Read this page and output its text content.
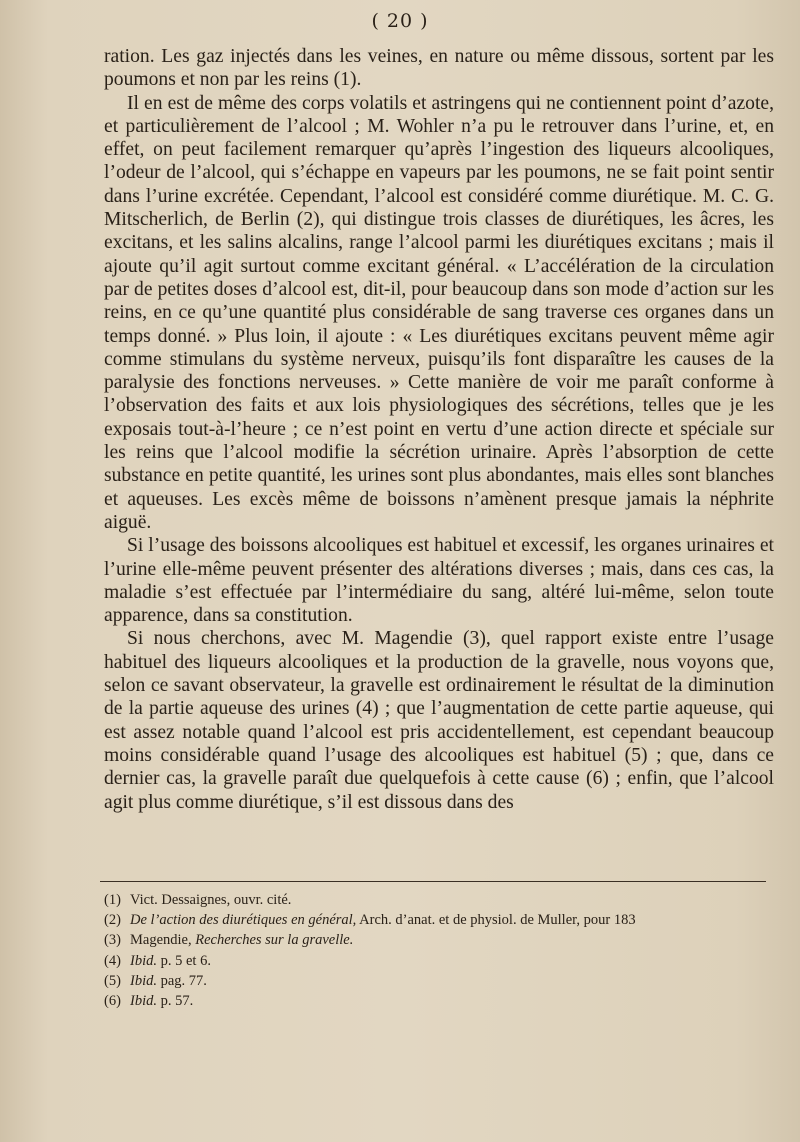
( 20 )

ration. Les gaz injectés dans les veines, en nature ou même dissous, sortent par les poumons et non par les reins (1).

Il en est de même des corps volatils et astringens qui ne contiennent point d’azote, et particulièrement de l’alcool ; M. Wohler n’a pu le retrouver dans l’urine, et, en effet, on peut facilement remarquer qu’après l’ingestion des liqueurs alcooliques, l’odeur de l’alcool, qui s’échappe en vapeurs par les poumons, ne se fait point sentir dans l’urine excrétée. Cependant, l’alcool est considéré comme diurétique. M. C. G. Mitscherlich, de Berlin (2), qui distingue trois classes de diurétiques, les âcres, les excitans, et les salins alcalins, range l’alcool parmi les diurétiques excitans ; mais il ajoute qu’il agit surtout comme excitant général. « L’accélération de la circulation par de petites doses d’alcool est, dit-il, pour beaucoup dans son mode d’action sur les reins, en ce qu’une quantité plus considérable de sang traverse ces organes dans un temps donné. » Plus loin, il ajoute : « Les diurétiques excitans peuvent même agir comme stimulans du système nerveux, puisqu’ils font disparaître les causes de la paralysie des fonctions nerveuses. » Cette manière de voir me paraît conforme à l’observation des faits et aux lois physiologiques des sécrétions, telles que je les exposais tout-à-l’heure ; ce n’est point en vertu d’une action directe et spéciale sur les reins que l’alcool modifie la sécrétion urinaire. Après l’absorption de cette substance en petite quantité, les urines sont plus abondantes, mais elles sont blanches et aqueuses. Les excès même de boissons n’amènent presque jamais la néphrite aiguë.

Si l’usage des boissons alcooliques est habituel et excessif, les organes urinaires et l’urine elle-même peuvent présenter des altérations diverses ; mais, dans ces cas, la maladie s’est effectuée par l’intermédiaire du sang, altéré lui-même, selon toute apparence, dans sa constitution.

Si nous cherchons, avec M. Magendie (3), quel rapport existe entre l’usage habituel des liqueurs alcooliques et la production de la gravelle, nous voyons que, selon ce savant observateur, la gravelle est ordinairement le résultat de la diminution de la partie aqueuse des urines (4) ; que l’augmentation de cette partie aqueuse, qui est assez notable quand l’alcool est pris accidentellement, est cependant beaucoup moins considérable quand l’usage des alcooliques est habituel (5) ; que, dans ce dernier cas, la gravelle paraît due quelquefois à cette cause (6) ; enfin, que l’alcool agit plus comme diurétique, s’il est dissous dans des

(1) Vict. Dessaignes, ouvr. cité.
(2) De l’action des diurétiques en général, Arch. d’anat. et de physiol. de Muller, pour 183
(3) Magendie, Recherches sur la gravelle.
(4) Ibid. p. 5 et 6.
(5) Ibid. pag. 77.
(6) Ibid. p. 57.
